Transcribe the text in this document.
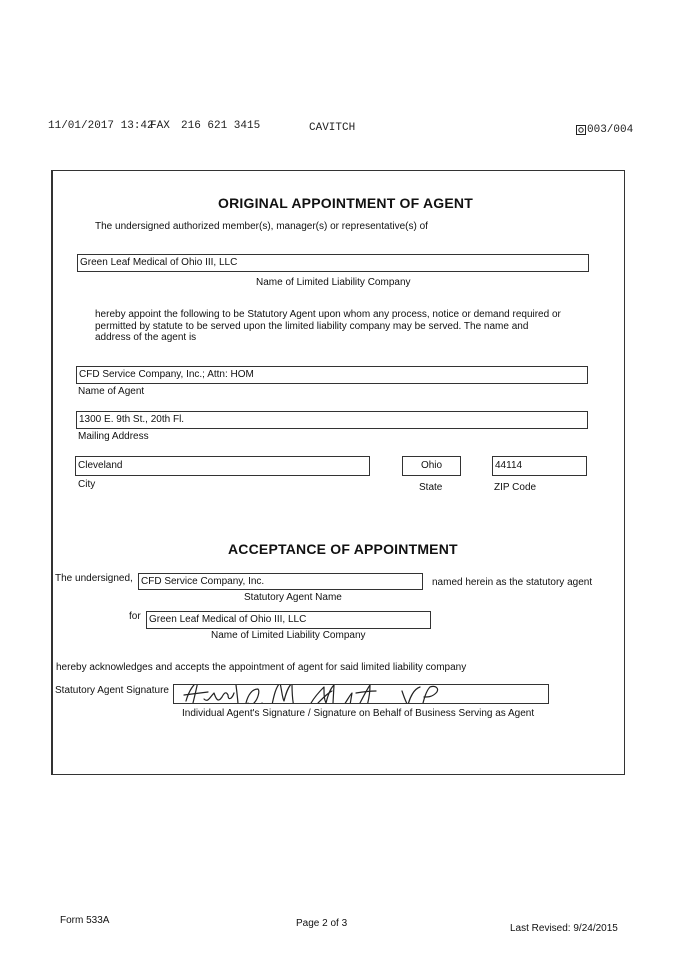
11/01/2017 13:42
FAX 216 621 3415	CAVITCH	003/004
ORIGINAL APPOINTMENT OF AGENT
The undersigned authorized member(s), manager(s) or representative(s) of
Green Leaf Medical of Ohio III, LLC
Name of Limited Liability Company
hereby appoint the following to be Statutory Agent upon whom any process, notice or demand required or permitted by statute to be served upon the limited liability company may be served. The name and address of the agent is
CFD Service Company, Inc.; Attn: HOM
Name of Agent
1300 E. 9th St., 20th Fl.
Mailing Address
Cleveland
City
Ohio
State
44114
ZIP Code
ACCEPTANCE OF APPOINTMENT
The undersigned, CFD Service Company, Inc.	named herein as the statutory agent
Statutory Agent Name
for Green Leaf Medical of Ohio III, LLC
Name of Limited Liability Company
hereby acknowledges and accepts the appointment of agent for said limited liability company
Statutory Agent Signature
Individual Agent's Signature / Signature on Behalf of Business Serving as Agent
Form 533A	Page 2 of 3	Last Revised: 9/24/2015
